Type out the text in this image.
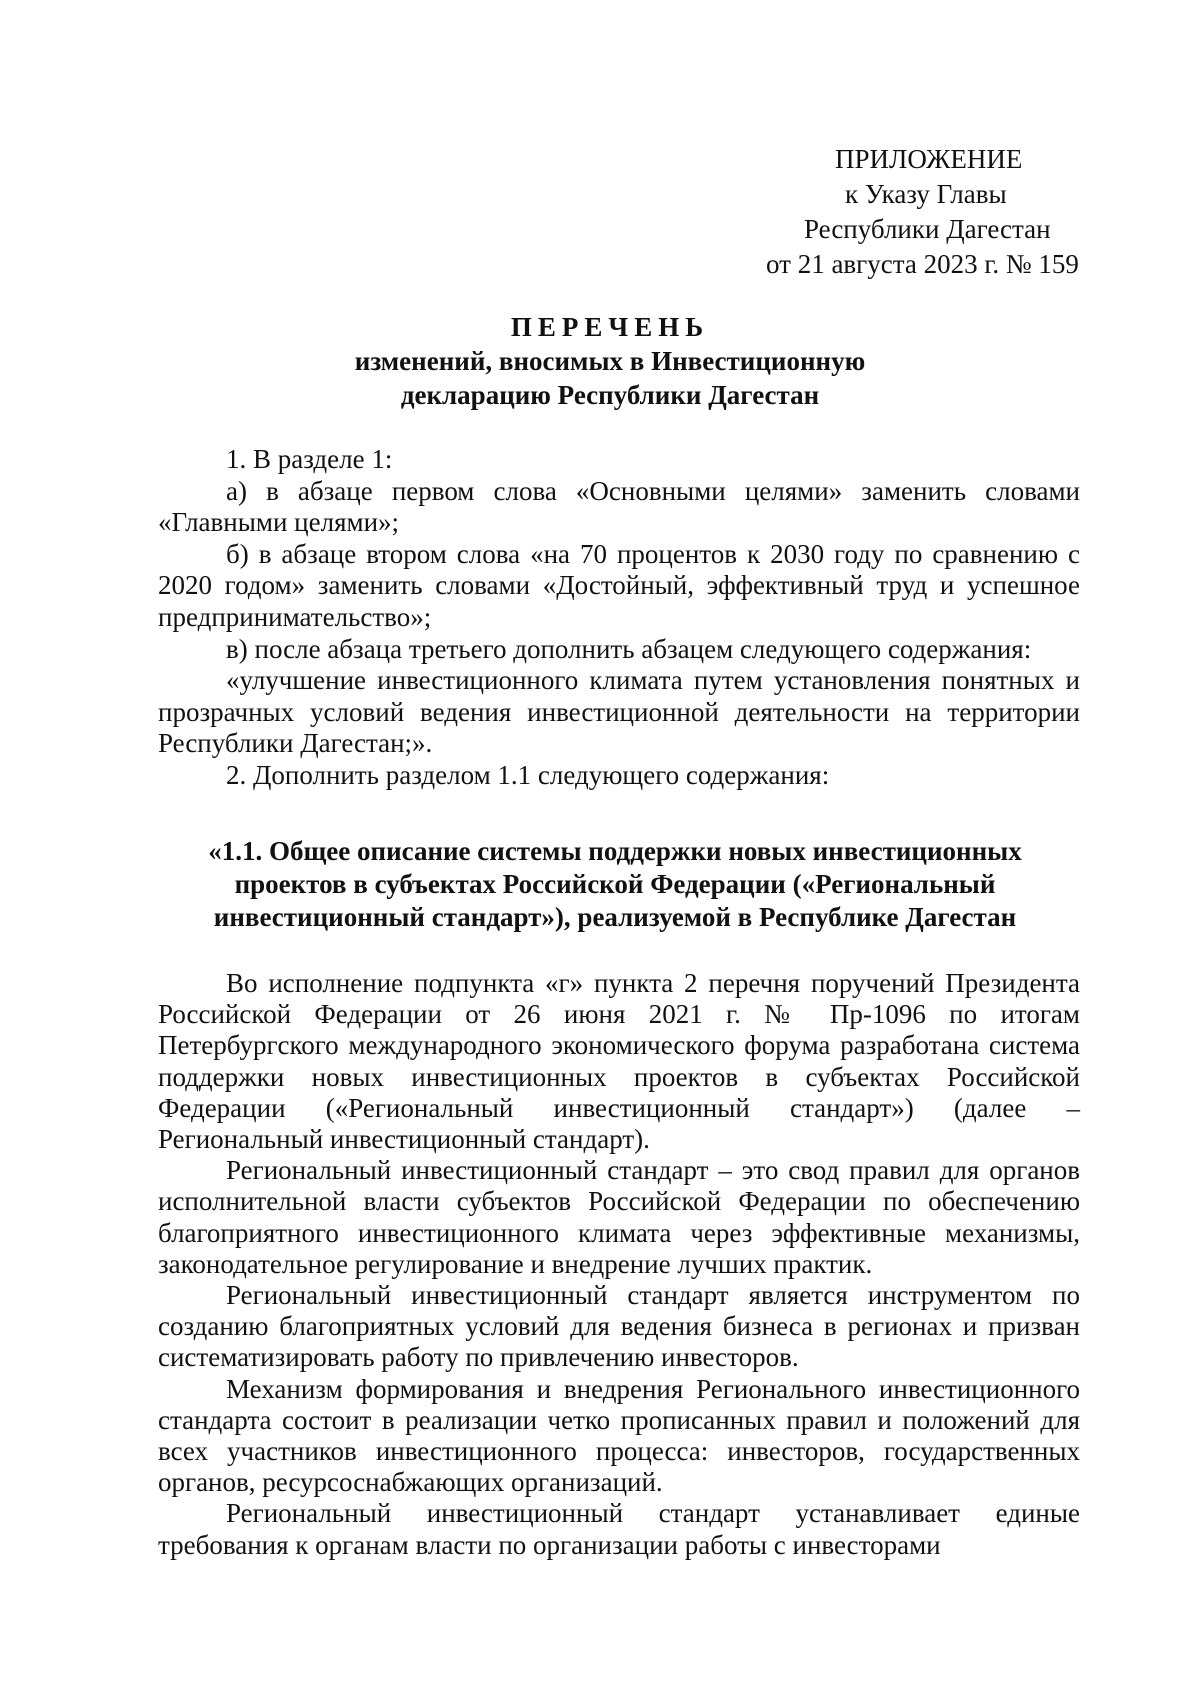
ПРИЛОЖЕНИЕ
к Указу Главы
Республики Дагестан
от 21 августа 2023 г. № 159
ПЕРЕЧЕНЬ
изменений, вносимых в Инвестиционную
декларацию Республики Дагестан

1. В разделе 1:

а) в абзаце первом слова «Основными целями» заменить словами «Главными целями»;

б) в абзаце втором слова «на 70 процентов к 2030 году по сравнению с 2020 годом» заменить словами «Достойный, эффективный труд и успешное предпринимательство»;

в) после абзаца третьего дополнить абзацем следующего содержания:

«улучшение инвестиционного климата путем установления понятных и прозрачных условий ведения инвестиционной деятельности на территории Республики Дагестан;».

2. Дополнить разделом 1.1 следующего содержания:

«1.1. Общее описание системы поддержки новых инвестиционных
проектов в субъектах Российской Федерации («Региональный
инвестиционный стандарт»), реализуемой в Республике Дагестан

Во исполнение подпункта «г» пункта 2 перечня поручений Президента Российской Федерации от 26 июня 2021 г. № Пр-1096 по итогам Петербургского международного экономического форума разработана система поддержки новых инвестиционных проектов в субъектах Российской Федерации («Региональный инвестиционный стандарт») (далее – Региональный инвестиционный стандарт).

Региональный инвестиционный стандарт – это свод правил для органов исполнительной власти субъектов Российской Федерации по обеспечению благоприятного инвестиционного климата через эффективные механизмы, законодательное регулирование и внедрение лучших практик.

Региональный инвестиционный стандарт является инструментом по созданию благоприятных условий для ведения бизнеса в регионах и призван систематизировать работу по привлечению инвесторов.

Механизм формирования и внедрения Регионального инвестиционного стандарта состоит в реализации четко прописанных правил и положений для всех участников инвестиционного процесса: инвесторов, государственных органов, ресурсоснабжающих организаций.

Региональный инвестиционный стандарт устанавливает единые требования к органам власти по организации работы с инвесторами
